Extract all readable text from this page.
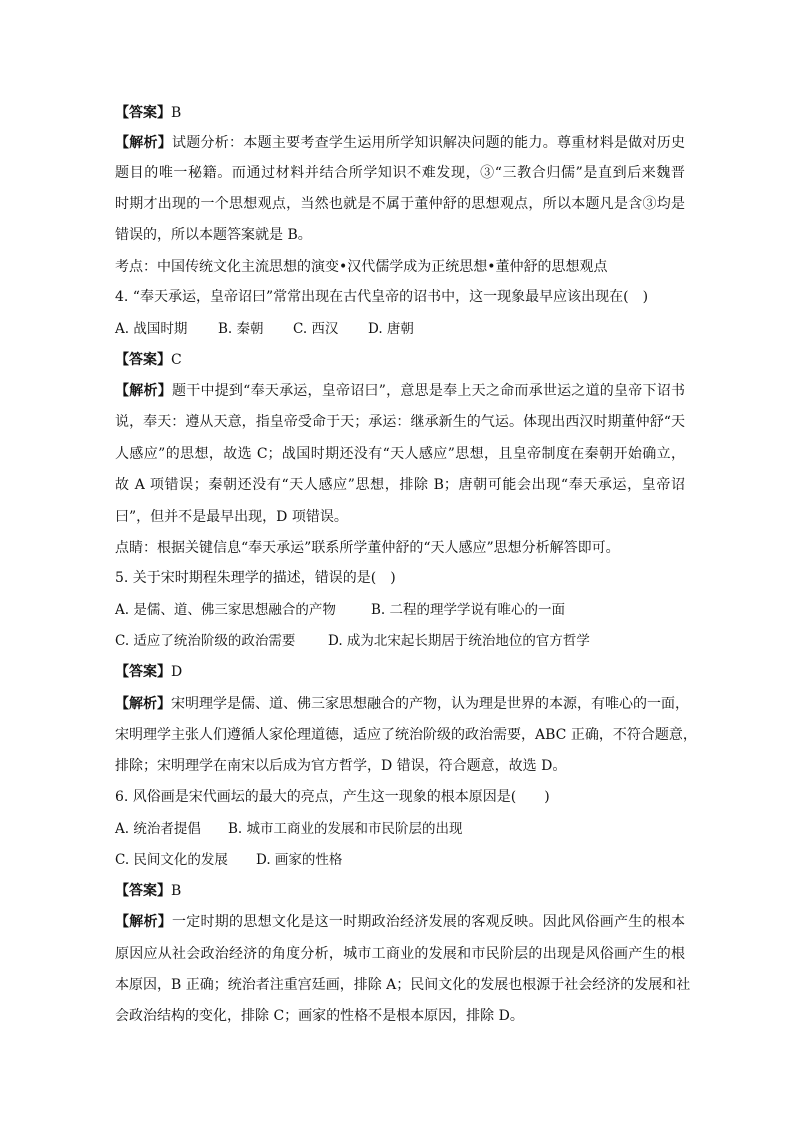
【答案】B
【解析】试题分析：本题主要考查学生运用所学知识解决问题的能力。尊重材料是做对历史
题目的唯一秘籍。而通过材料并结合所学知识不难发现，③“三教合归儒”是直到后来魏晋
时期才出现的一个思想观点，当然也就是不属于董仲舒的思想观点，所以本题凡是含③均是
错误的，所以本题答案就是 B。
考点：中国传统文化主流思想的演变•汉代儒学成为正统思想•董仲舒的思想观点
4. “奉天承运，皇帝诏曰”常常出现在古代皇帝的诏书中，这一现象最早应该出现在(　)
A. 战国时期 B. 秦朝 C. 西汉 D. 唐朝
【答案】C
【解析】题干中提到“奉天承运，皇帝诏曰”，意思是奉上天之命而承世运之道的皇帝下诏书
说，奉天：遵从天意，指皇帝受命于天；承运：继承新生的气运。体现出西汉时期董仲舒“天
人感应”的思想，故选 C；战国时期还没有“天人感应”思想，且皇帝制度在秦朝开始确立，
故 A 项错误；秦朝还没有“天人感应”思想，排除 B；唐朝可能会出现“奉天承运，皇帝诏
曰”，但并不是最早出现，D 项错误。
点睛：根据关键信息“奉天承运”联系所学董仲舒的“天人感应”思想分析解答即可。
5. 关于宋时期程朱理学的描述，错误的是(　)
A. 是儒、道、佛三家思想融合的产物	B. 二程的理学学说有唯心的一面
C. 适应了统治阶级的政治需要 D. 成为北宋起长期居于统治地位的官方哲学
【答案】D
【解析】宋明理学是儒、道、佛三家思想融合的产物，认为理是世界的本源，有唯心的一面，
宋明理学主张人们遵循人家伦理道德，适应了统治阶级的政治需要，ABC 正确，不符合题意，
排除；宋明理学在南宋以后成为官方哲学，D 错误，符合题意，故选 D。
6. 风俗画是宋代画坛的最大的亮点，产生这一现象的根本原因是(　　)
A. 统治者提倡 B. 城市工商业的发展和市民阶层的出现
C. 民间文化的发展 D. 画家的性格
【答案】B
【解析】一定时期的思想文化是这一时期政治经济发展的客观反映。因此风俗画产生的根本
原因应从社会政治经济的角度分析，城市工商业的发展和市民阶层的出现是风俗画产生的根
本原因，B 正确；统治者注重宫廷画，排除 A；民间文化的发展也根源于社会经济的发展和社
会政治结构的变化，排除 C；画家的性格不是根本原因，排除 D。
